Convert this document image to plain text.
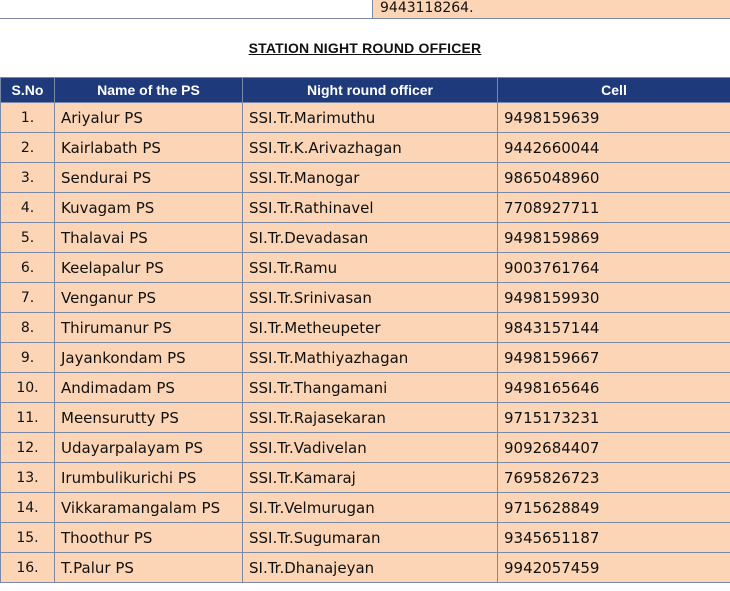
9443118264.
STATION NIGHT ROUND OFFICER
S.No	Name of the PS	Night round officer	Cell
1.	Ariyalur PS	SSI.Tr.Marimuthu	9498159639
2.	Kairlabath PS	SSI.Tr.K.Arivazhagan	9442660044
3.	Sendurai PS	SSI.Tr.Manogar	9865048960
4.	Kuvagam PS	SSI.Tr.Rathinavel	7708927711
5.	Thalavai PS	SI.Tr.Devadasan	9498159869
6.	Keelapalur PS	SSI.Tr.Ramu	9003761764
7.	Venganur PS	SSI.Tr.Srinivasan	9498159930
8.	Thirumanur PS	SI.Tr.Metheupeter	9843157144
9.	Jayankondam PS	SSI.Tr.Mathiyazhagan	9498159667
10.	Andimadam PS	SSI.Tr.Thangamani	9498165646
11.	Meensurutty PS	SSI.Tr.Rajasekaran	9715173231
12.	Udayarpalayam PS	SSI.Tr.Vadivelan	9092684407
13.	Irumbulikurichi PS	SSI.Tr.Kamaraj	7695826723
14.	Vikkaramangalam PS	SI.Tr.Velmurugan	9715628849
15.	Thoothur PS	SSI.Tr.Sugumaran	9345651187
16.	T.Palur PS	SI.Tr.Dhanajeyan	9942057459
